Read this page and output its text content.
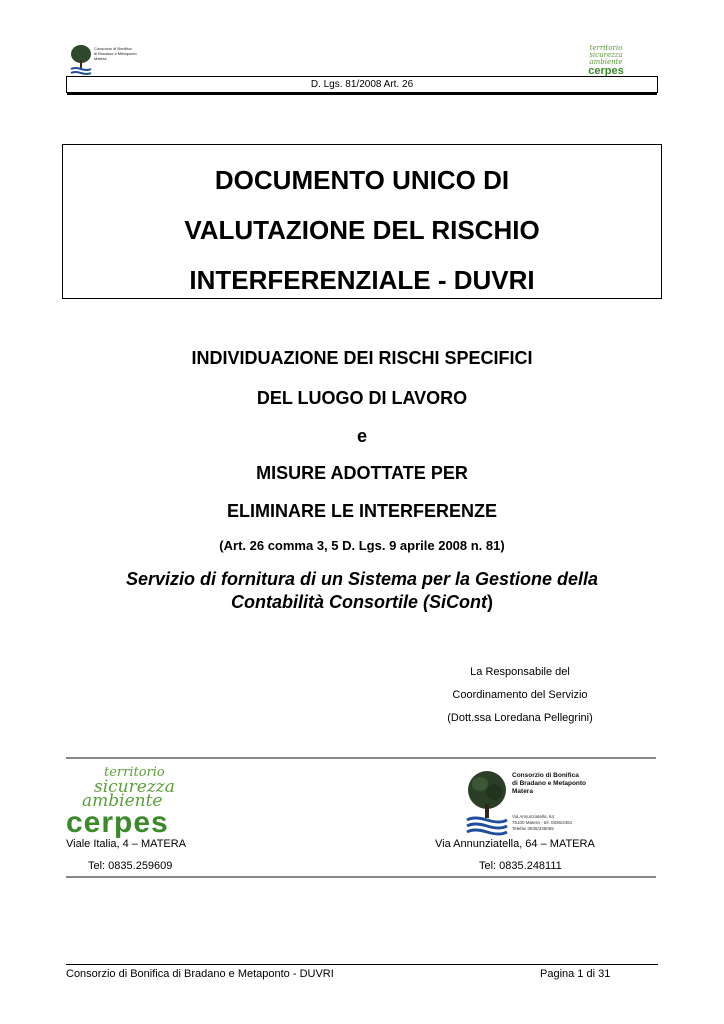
Consorzio di Bonifica
di Bradano e Metaponto
Matera
territorio
sicurezza
ambiente
cerpes
D. Lgs. 81/2008 Art. 26
DOCUMENTO UNICO DI
VALUTAZIONE DEL RISCHIO
INTERFERENZIALE - DUVRI
INDIVIDUAZIONE DEI RISCHI SPECIFICI
DEL LUOGO DI LAVORO
e
MISURE ADOTTATE PER
ELIMINARE LE INTERFERENZE
(Art. 26 comma 3, 5 D. Lgs. 9 aprile 2008 n. 81)
Servizio di fornitura di un Sistema per la Gestione della
Contabilità Consortile (SiCont)
La Responsabile del
Coordinamento del Servizio
(Dott.ssa Loredana Pellegrini)
territorio
sicurezza
ambiente
cerpes
Consorzio di Bonifica
di Bradano e Metaponto
Matera
Via Annunziatella, 64
75100 Matera - tel. 0835/2481
Telefax 0835/336065
Viale Italia, 4 – MATERA
Tel: 0835.259609
Via Annunziatella, 64 – MATERA
Tel: 0835.248111
Consorzio di Bonifica di Bradano e Metaponto - DUVRI	Pagina 1 di 31
